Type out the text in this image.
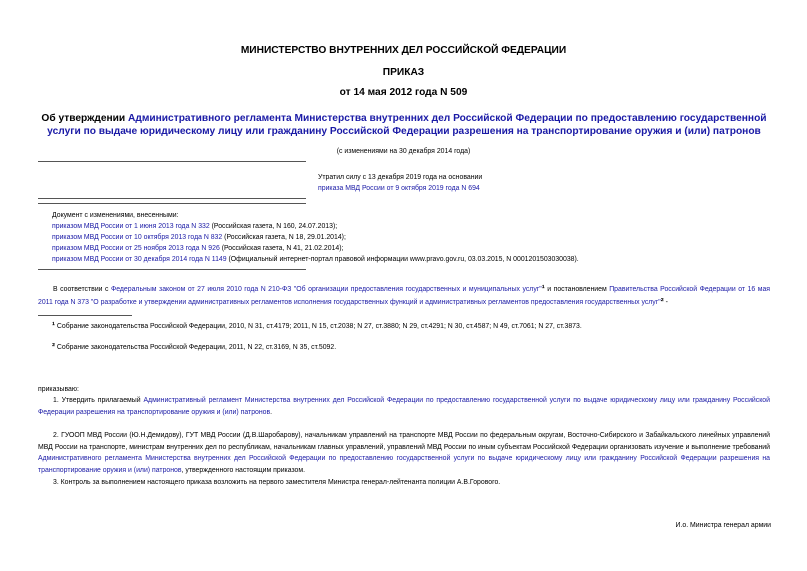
МИНИСТЕРСТВО ВНУТРЕННИХ ДЕЛ РОССИЙСКОЙ ФЕДЕРАЦИИ
ПРИКАЗ
от 14 мая 2012 года N 509
Об утверждении Административного регламента Министерства внутренних дел Российской Федерации по предоставлению государственной услуги по выдаче юридическому лицу или гражданину Российской Федерации разрешения на транспортирование оружия и (или) патронов
(с изменениями на 30 декабря 2014 года)
Утратил силу с 13 декабря 2019 года на основании
приказа МВД России от 9 октября 2019 года N 694
Документ с изменениями, внесенными:
приказом МВД России от 1 июня 2013 года N 332 (Российская газета, N 160, 24.07.2013);
приказом МВД России от 10 октября 2013 года N 832 (Российская газета, N 18, 29.01.2014);
приказом МВД России от 25 ноября 2013 года N 926 (Российская газета, N 41, 21.02.2014);
приказом МВД России от 30 декабря 2014 года N 1149 (Официальный интернет-портал правовой информации www.pravo.gov.ru, 03.03.2015, N 0001201503030038).
В соответствии с Федеральным законом от 27 июля 2010 года N 210-ФЗ "Об организации предоставления государственных и муниципальных услуг"¹ и постановлением Правительства Российской Федерации от 16 мая 2011 года N 373 "О разработке и утверждении административных регламентов исполнения государственных функций и административных регламентов предоставления государственных услуг"² -
¹ Собрание законодательства Российской Федерации, 2010, N 31, ст.4179; 2011, N 15, ст.2038; N 27, ст.3880; N 29, ст.4291; N 30, ст.4587; N 49, ст.7061; N 27, ст.3873.
² Собрание законодательства Российской Федерации, 2011, N 22, ст.3169, N 35, ст.5092.
приказываю:
1. Утвердить прилагаемый Административный регламент Министерства внутренних дел Российской Федерации по предоставлению государственной услуги по выдаче юридическому лицу или гражданину Российской Федерации разрешения на транспортирование оружия и (или) патронов.
2. ГУООП МВД России (Ю.Н.Демидову), ГУТ МВД России (Д.В.Шаробарову), начальникам управлений на транспорте МВД России по федеральным округам, Восточно-Сибирского и Забайкальского линейных управлений МВД России на транспорте, министрам внутренних дел по республикам, начальникам главных управлений, управлений МВД России по иным субъектам Российской Федерации организовать изучение и выполнение требований Административного регламента Министерства внутренних дел Российской Федерации по предоставлению государственной услуги по выдаче юридическому лицу или гражданину Российской Федерации разрешения на транспортирование оружия и (или) патронов, утвержденного настоящим приказом.
3. Контроль за выполнением настоящего приказа возложить на первого заместителя Министра генерал-лейтенанта полиции А.В.Горового.
И.о. Министра генерал армии
